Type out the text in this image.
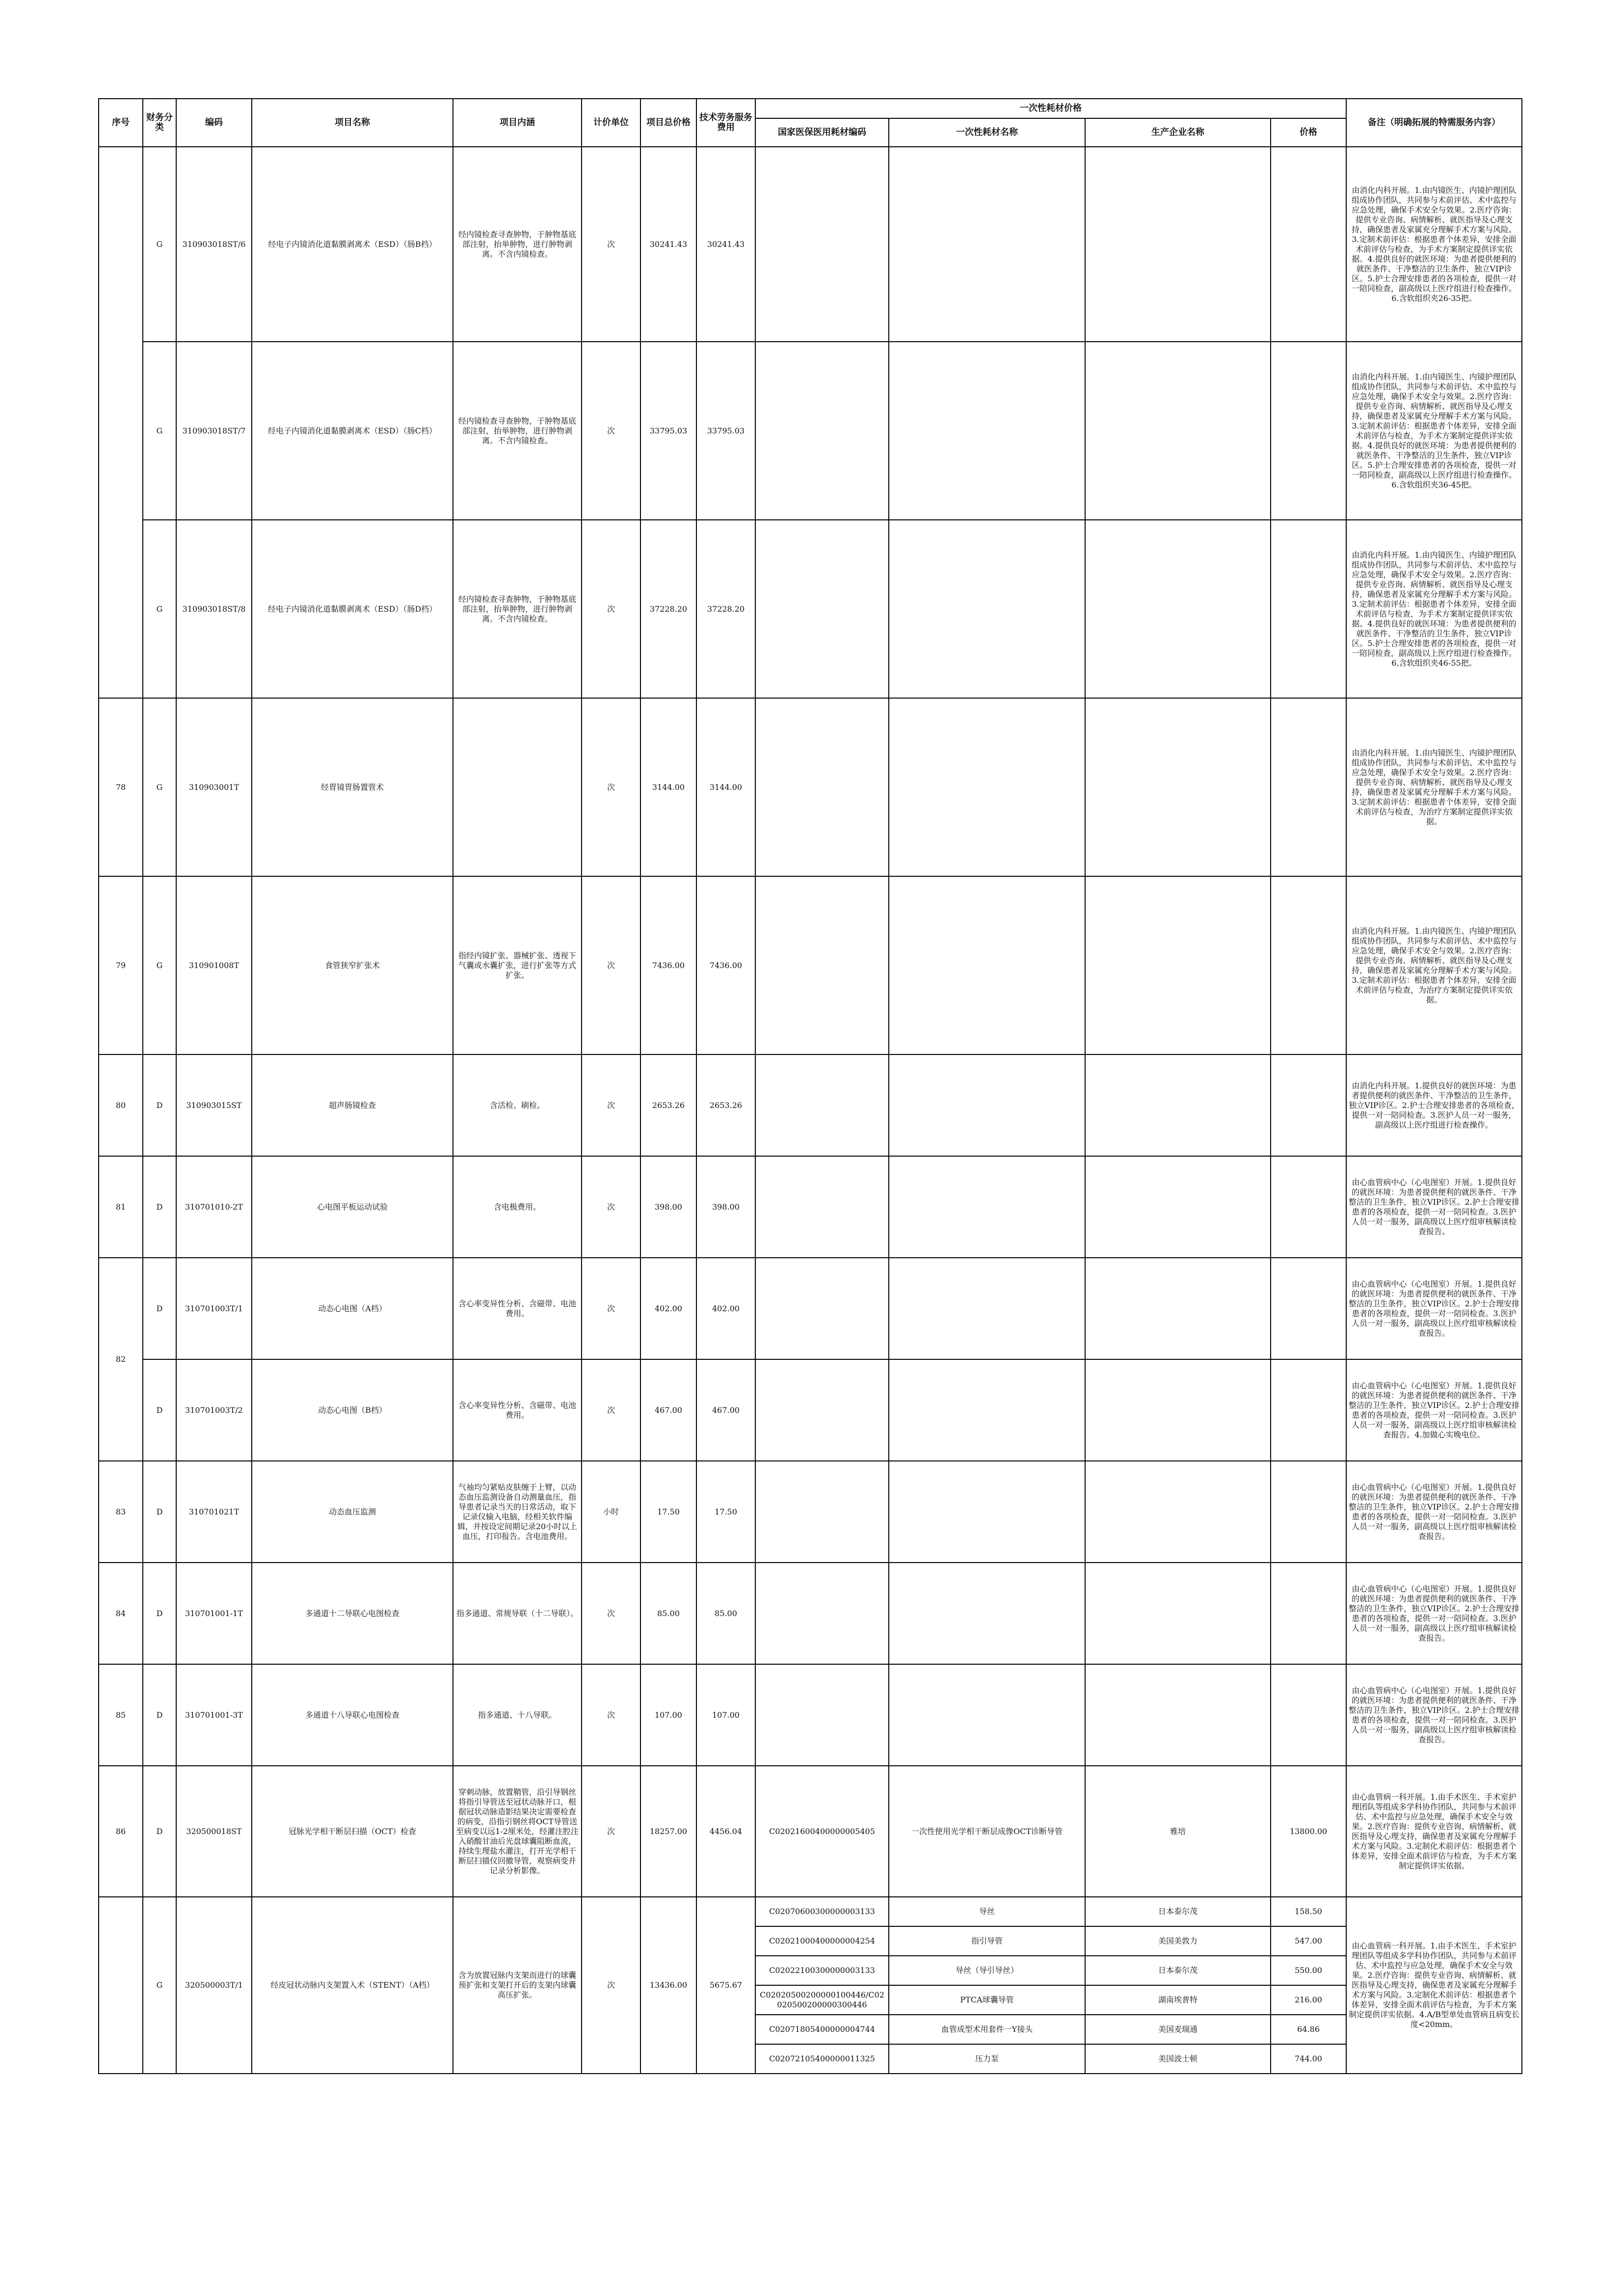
序号	财务分类	编码	项目名称	项目内涵	计价单位	项目总价格	技术劳务服务费用	一次性耗材价格				备注（明确拓展的特需服务内容）
								国家医保医用耗材编码	一次性耗材名称	生产企业名称	价格	
	G	310903018ST/6	经电子内镜消化道黏膜剥离术（ESD）（肠B档）	经内镜检查寻查肿物，于肿物基底部注射，抬举肿物，进行肿物剥离。不含内镜检查。	次	30241.43	30241.43					由消化内科开展。1.由内镜医生、内镜护理团队组成协作团队，共同参与术前评估、术中监控与应急处理，确保手术安全与效果。2.医疗咨询：提供专业咨询、病情解析、就医指导及心理支持，确保患者及家属充分理解手术方案与风险。3.定制术前评估：根据患者个体差异，安排全面术前评估与检查，为手术方案制定提供详实依据。4.提供良好的就医环境：为患者提供便利的就医条件、干净整洁的卫生条件，独立VIP诊区。5.护士合理安排患者的各项检查，提供一对一陪同检查，副高级以上医疗组进行检查操作。6.含软组织夹26-35把。
	G	310903018ST/7	经电子内镜消化道黏膜剥离术（ESD）（肠C档）	经内镜检查寻查肿物，于肿物基底部注射，抬举肿物，进行肿物剥离。不含内镜检查。	次	33795.03	33795.03					由消化内科开展。1.由内镜医生、内镜护理团队组成协作团队，共同参与术前评估、术中监控与应急处理，确保手术安全与效果。2.医疗咨询：提供专业咨询、病情解析、就医指导及心理支持，确保患者及家属充分理解手术方案与风险。3.定制术前评估：根据患者个体差异，安排全面术前评估与检查，为手术方案制定提供详实依据。4.提供良好的就医环境：为患者提供便利的就医条件、干净整洁的卫生条件，独立VIP诊区。5.护士合理安排患者的各项检查，提供一对一陪同检查，副高级以上医疗组进行检查操作。6.含软组织夹36-45把。
	G	310903018ST/8	经电子内镜消化道黏膜剥离术（ESD）（肠D档）	经内镜检查寻查肿物，于肿物基底部注射，抬举肿物，进行肿物剥离。不含内镜检查。	次	37228.20	37228.20					由消化内科开展。1.由内镜医生、内镜护理团队组成协作团队，共同参与术前评估、术中监控与应急处理，确保手术安全与效果。2.医疗咨询：提供专业咨询、病情解析、就医指导及心理支持，确保患者及家属充分理解手术方案与风险。3.定制术前评估：根据患者个体差异，安排全面术前评估与检查，为手术方案制定提供详实依据。4.提供良好的就医环境：为患者提供便利的就医条件、干净整洁的卫生条件，独立VIP诊区。5.护士合理安排患者的各项检查，提供一对一陪同检查，副高级以上医疗组进行检查操作。6.含软组织夹46-55把。
78	G	310903001T	经胃镜胃肠置管术		次	3144.00	3144.00					由消化内科开展。1.由内镜医生、内镜护理团队组成协作团队，共同参与术前评估、术中监控与应急处理，确保手术安全与效果。2.医疗咨询：提供专业咨询、病情解析、就医指导及心理支持，确保患者及家属充分理解手术方案与风险。3.定制术前评估：根据患者个体差异，安排全面术前评估与检查，为治疗方案制定提供详实依据。
79	G	310901008T	食管狭窄扩张术	指经内镜扩张、器械扩张、透视下气囊或水囊扩张，进行扩张等方式扩张。	次	7436.00	7436.00					由消化内科开展。1.由内镜医生、内镜护理团队组成协作团队，共同参与术前评估、术中监控与应急处理，确保手术安全与效果。2.医疗咨询：提供专业咨询、病情解析、就医指导及心理支持，确保患者及家属充分理解手术方案与风险。3.定制术前评估：根据患者个体差异，安排全面术前评估与检查，为治疗方案制定提供详实依据。
80	D	310903015ST	超声肠镜检查	含活检、刷检。	次	2653.26	2653.26					由消化内科开展。1.提供良好的就医环境：为患者提供便利的就医条件、干净整洁的卫生条件，独立VIP诊区。2.护士合理安排患者的各项检查，提供一对一陪同检查。3.医护人员一对一服务，副高级以上医疗组进行检查操作。
81	D	310701010-2T	心电图平板运动试验	含电极费用。	次	398.00	398.00					由心血管病中心（心电图室）开展。1.提供良好的就医环境：为患者提供便利的就医条件、干净整洁的卫生条件，独立VIP诊区。2.护士合理安排患者的各项检查，提供一对一陪同检查。3.医护人员一对一服务，副高级以上医疗组审核解读检查报告。
82	D	310701003T/1	动态心电图（A档）	含心率变异性分析、含磁带、电池费用。	次	402.00	402.00					由心血管病中心（心电图室）开展。1.提供良好的就医环境：为患者提供便利的就医条件、干净整洁的卫生条件，独立VIP诊区。2.护士合理安排患者的各项检查，提供一对一陪同检查。3.医护人员一对一服务，副高级以上医疗组审核解读检查报告。
	D	310701003T/2	动态心电图（B档）	含心率变异性分析、含磁带、电池费用。	次	467.00	467.00					由心血管病中心（心电图室）开展。1.提供良好的就医环境：为患者提供便利的就医条件、干净整洁的卫生条件，独立VIP诊区。2.护士合理安排患者的各项检查，提供一对一陪同检查。3.医护人员一对一服务，副高级以上医疗组审核解读检查报告。4.加做心实晚电位。
83	D	310701021T	动态血压监测	气袖均匀紧贴皮肤缠于上臂，以动态血压监测设备自动测量血压，指导患者记录当天的日常活动，取下记录仪输入电脑，经相关软件编辑，并按设定间期记录20小时以上血压，打印报告。含电池费用。	小时	17.50	17.50					由心血管病中心（心电图室）开展。1.提供良好的就医环境：为患者提供便利的就医条件、干净整洁的卫生条件，独立VIP诊区。2.护士合理安排患者的各项检查，提供一对一陪同检查。3.医护人员一对一服务，副高级以上医疗组审核解读检查报告。
84	D	310701001-1T	多通道十二导联心电图检查	指多通道、常规导联（十二导联）。	次	85.00	85.00					由心血管病中心（心电图室）开展。1.提供良好的就医环境：为患者提供便利的就医条件、干净整洁的卫生条件，独立VIP诊区。2.护士合理安排患者的各项检查，提供一对一陪同检查。3.医护人员一对一服务，副高级以上医疗组审核解读检查报告。
85	D	310701001-3T	多通道十八导联心电图检查	指多通道、十八导联。	次	107.00	107.00					由心血管病中心（心电图室）开展。1.提供良好的就医环境：为患者提供便利的就医条件、干净整洁的卫生条件，独立VIP诊区。2.护士合理安排患者的各项检查，提供一对一陪同检查。3.医护人员一对一服务，副高级以上医疗组审核解读检查报告。
86	D	320500018ST	冠脉光学相干断层扫描（OCT）检查	穿刺动脉，放置鞘管，沿引导钢丝将指引导管送至冠状动脉开口，根据冠状动脉造影结果决定需要检查的病变，沿指引钢丝将OCT导管送至病变以远1-2厘米处，经灌注腔注入硝酸甘油后光盘球囊阻断血流，持续生理盐水灌注，打开光学相干断层扫描仪回撤导管，观察病变并记录分析影像。	次	18257.00	4456.04	C02021600400000005405	一次性使用光学相干断层成像OCT诊断导管	雅培	13800.00	由心血管病一科开展。1.由手术医生、手术室护理团队等组成多学科协作团队，共同参与术前评估、术中监控与应急处理，确保手术安全与效果。2.医疗咨询：提供专业咨询、病情解析、就医指导及心理支持，确保患者及家属充分理解手术方案与风险。3.定制化术前评估：根据患者个体差异，安排全面术前评估与检查，为手术方案制定提供详实依据。
	G	320500003T/1	经皮冠状动脉内支架置入术（STENT）（A档）	含为放置冠脉内支架而进行的球囊预扩张和支架打开后的支架内球囊高压扩张。	次	13436.00	5675.67	C02070600300000003133	导丝	日本泰尔茂	158.50	由心血管病一科开展。1.由手术医生、手术室护理团队等组成多学科协作团队，共同参与术前评估、术中监控与应急处理，确保手术安全与效果。2.医疗咨询：提供专业咨询、病情解析、就医指导及心理支持，确保患者及家属充分理解手术方案与风险。3.定制化术前评估：根据患者个体差异，安排全面术前评估与检查，为手术方案制定提供详实依据。4.A/B型单处血管病且病变长度<20mm。
								C02021000400000004254	指引导管	美国美敦力	547.00	
								C02022100300000003133	导丝（导引导丝）	日本泰尔茂	550.00	
								C02020500200000100446/C02020500200000300446	PTCA球囊导管	湖南埃普特	216.00	
								C02071805400000004744	血管成型术用套件一Y接头	美国麦瑞通	64.86	
								C02072105400000011325	压力泵	美国波士顿	744.00	
